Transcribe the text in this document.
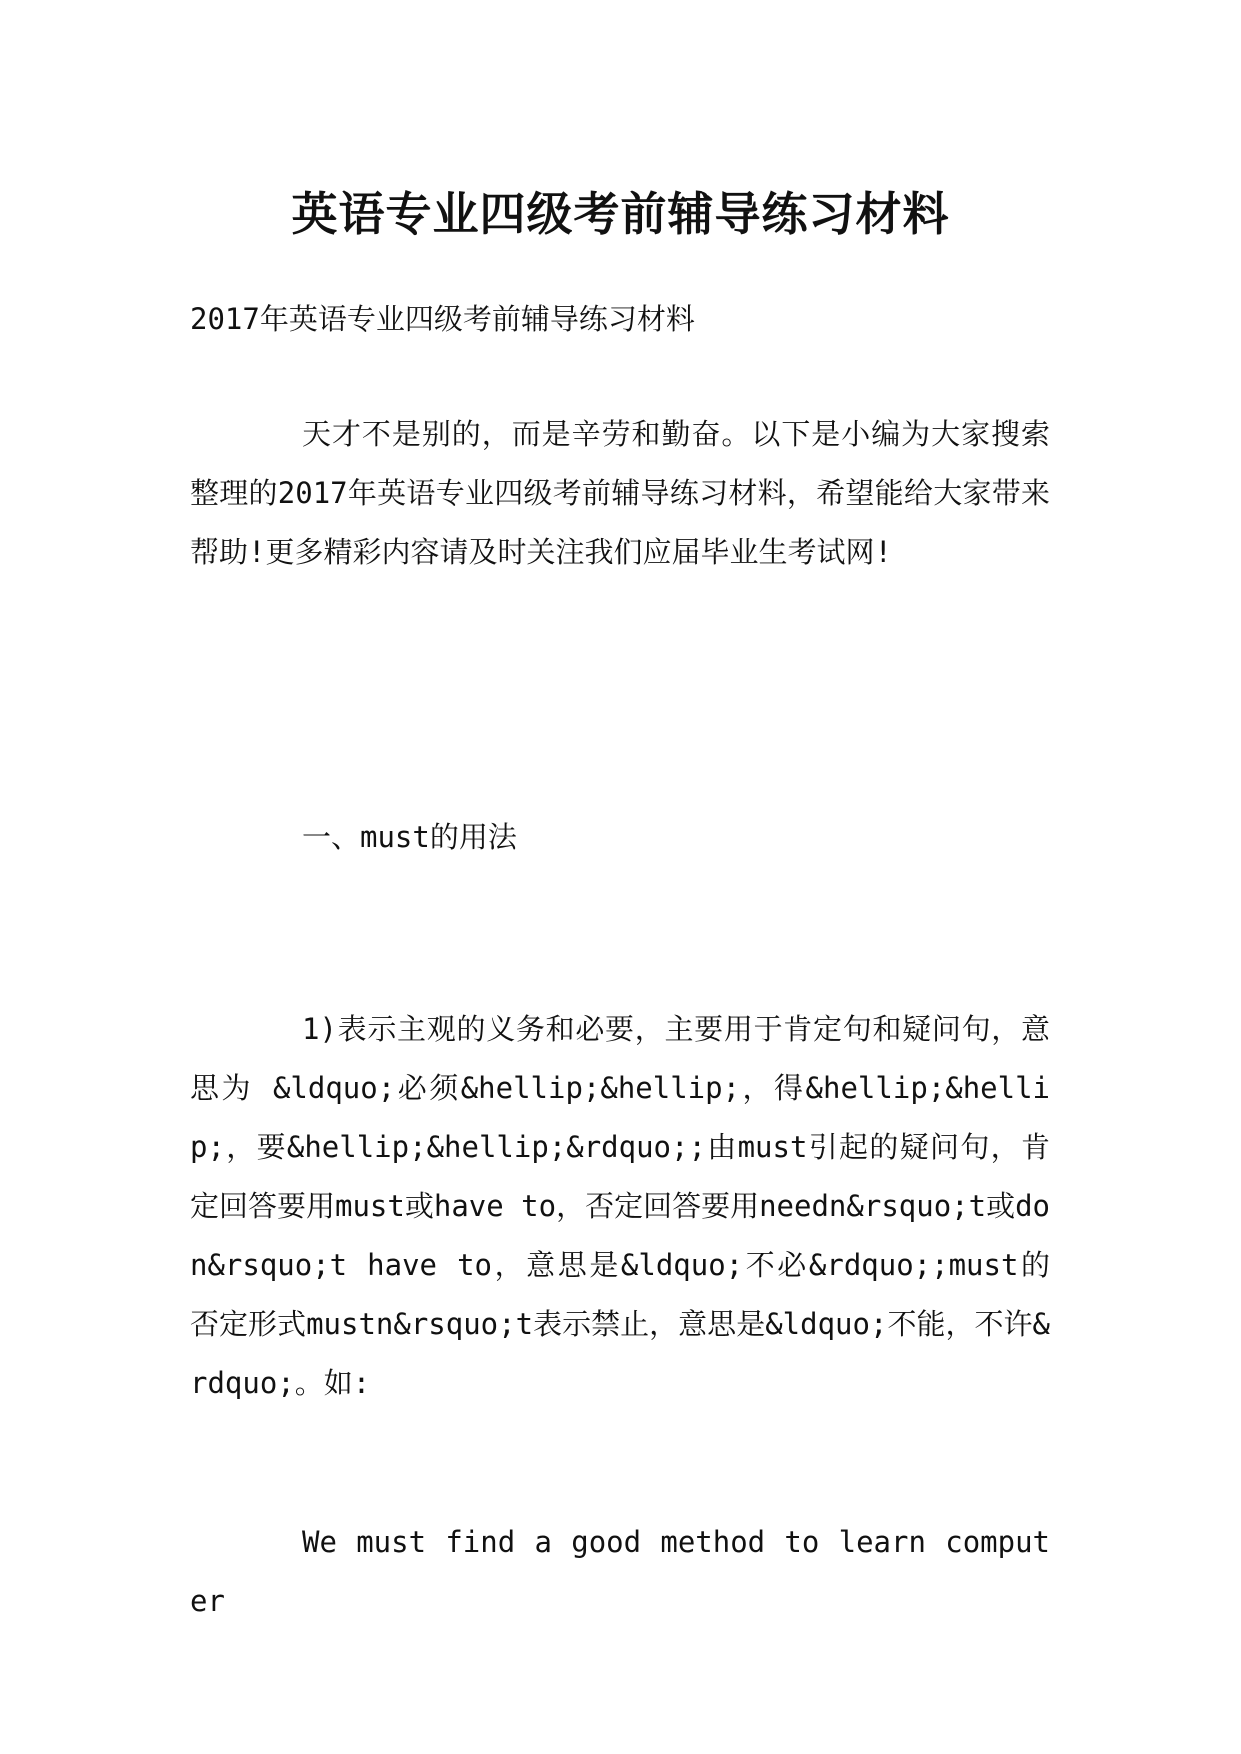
英语专业四级考前辅导练习材料

2017年英语专业四级考前辅导练习材料

天才不是别的，而是辛劳和勤奋。以下是小编为大家搜索整理的2017年英语专业四级考前辅导练习材料，希望能给大家带来帮助!更多精彩内容请及时关注我们应届毕业生考试网!

一、must的用法

1)表示主观的义务和必要，主要用于肯定句和疑问句，意思为 &ldquo;必须&hellip;&hellip;，得&hellip;&hellip;，要&hellip;&hellip;&rdquo;;由must引起的疑问句，肯定回答要用must或have to，否定回答要用needn&rsquo;t或don&rsquo;t have to，意思是&ldquo;不必&rdquo;;must的否定形式mustn&rsquo;t表示禁止，意思是&ldquo;不能，不许&rdquo;。如:

We must find a good method to learn computer
